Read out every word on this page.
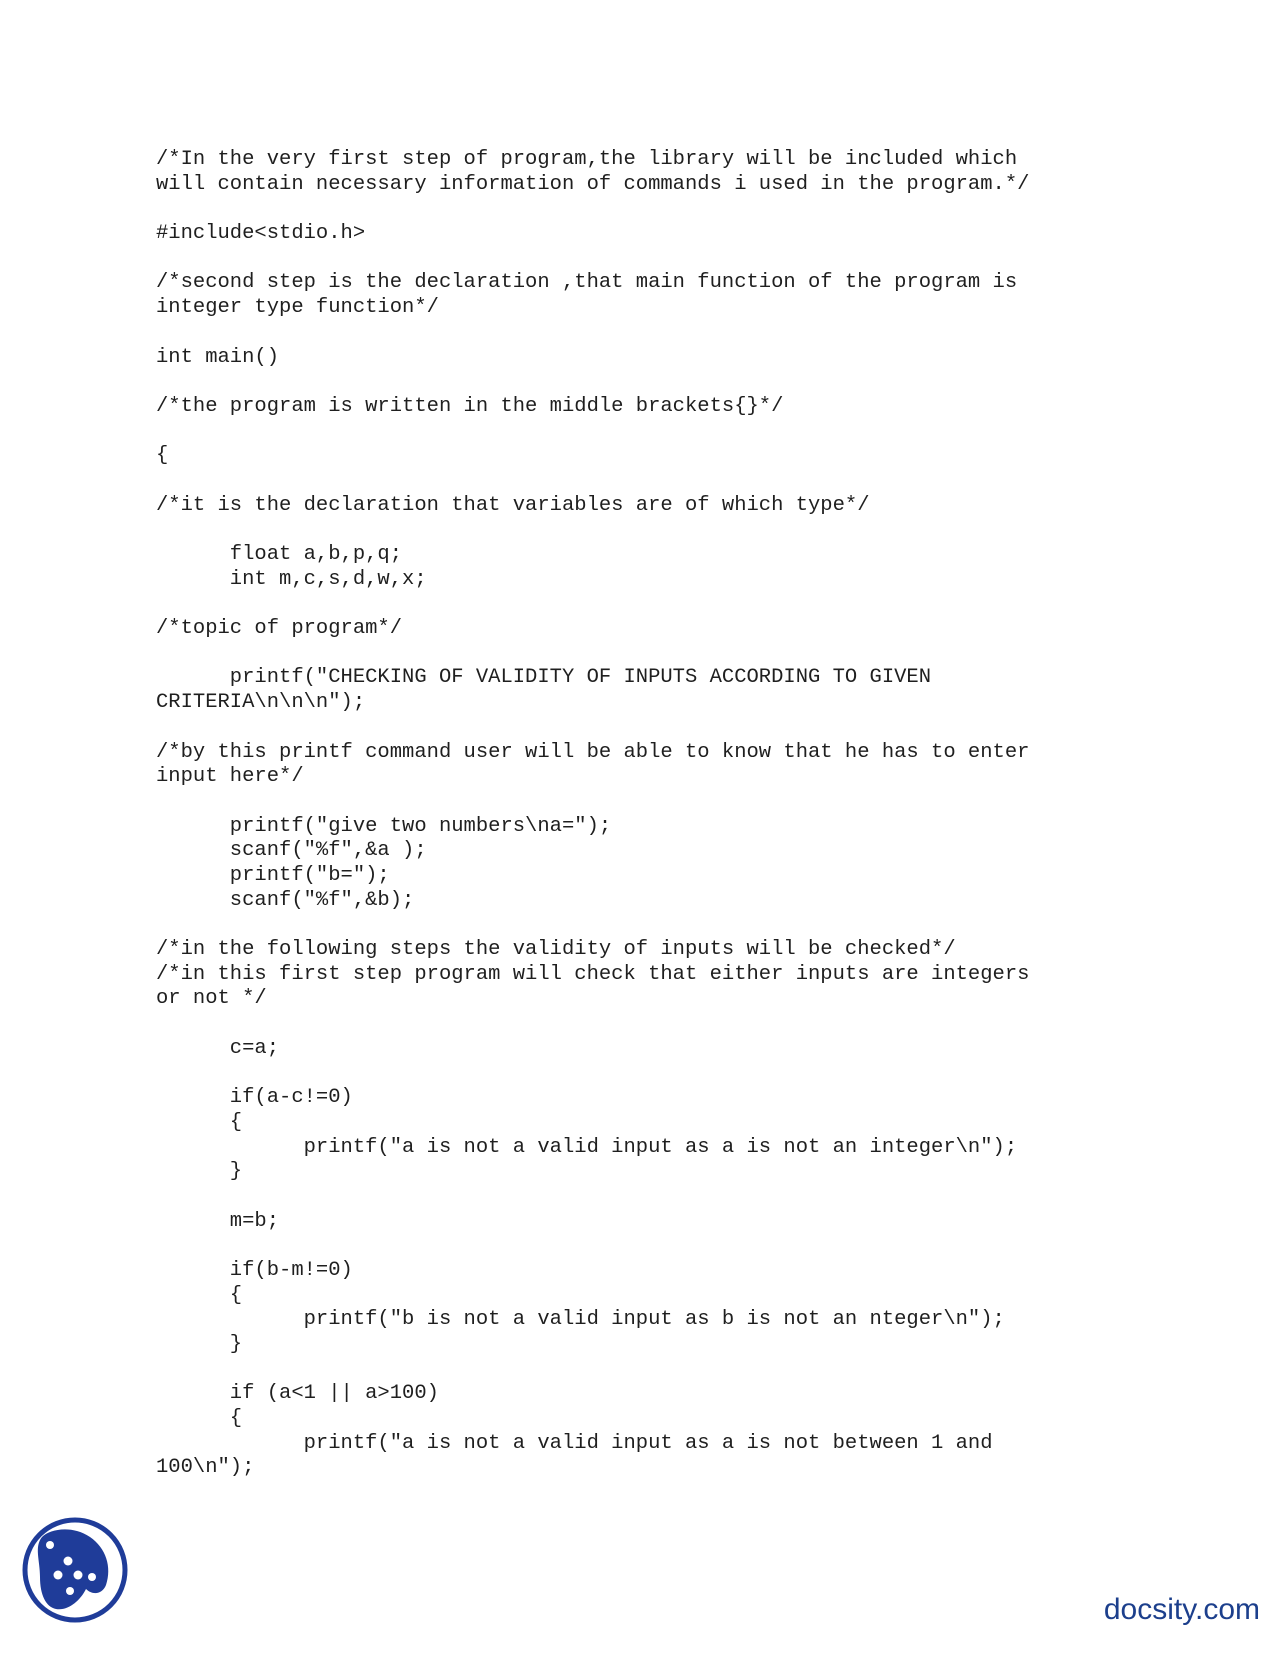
/*In the very first step of program,the library will be included which
will contain necessary information of commands i used in the program.*/
#include<stdio.h>
/*second step is the declaration ,that main function of the program is
integer type function*/
int main()
/*the program is written in the middle brackets{}*/
{
/*it is the declaration that variables are of which type*/
float a,b,p,q;
int m,c,s,d,w,x;
/*topic of program*/
printf("CHECKING OF VALIDITY OF INPUTS ACCORDING TO GIVEN
CRITERIA\n\n\n");
/*by this printf command user will be able to know that he has to enter
input here*/
printf("give two numbers\na=");
scanf("%f",&a );
printf("b=");
scanf("%f",&b);
/*in the following steps the validity of inputs will be checked*/
/*in this first step program will check that either inputs are integers
or not */
c=a;
if(a-c!=0)
{
printf("a is not a valid input as a is not an integer\n");
}
m=b;
if(b-m!=0)
{
printf("b is not a valid input as b is not an nteger\n");
}
if (a<1 || a>100)
{
printf("a is not a valid input as a is not between 1 and
100\n");
docsity.com
